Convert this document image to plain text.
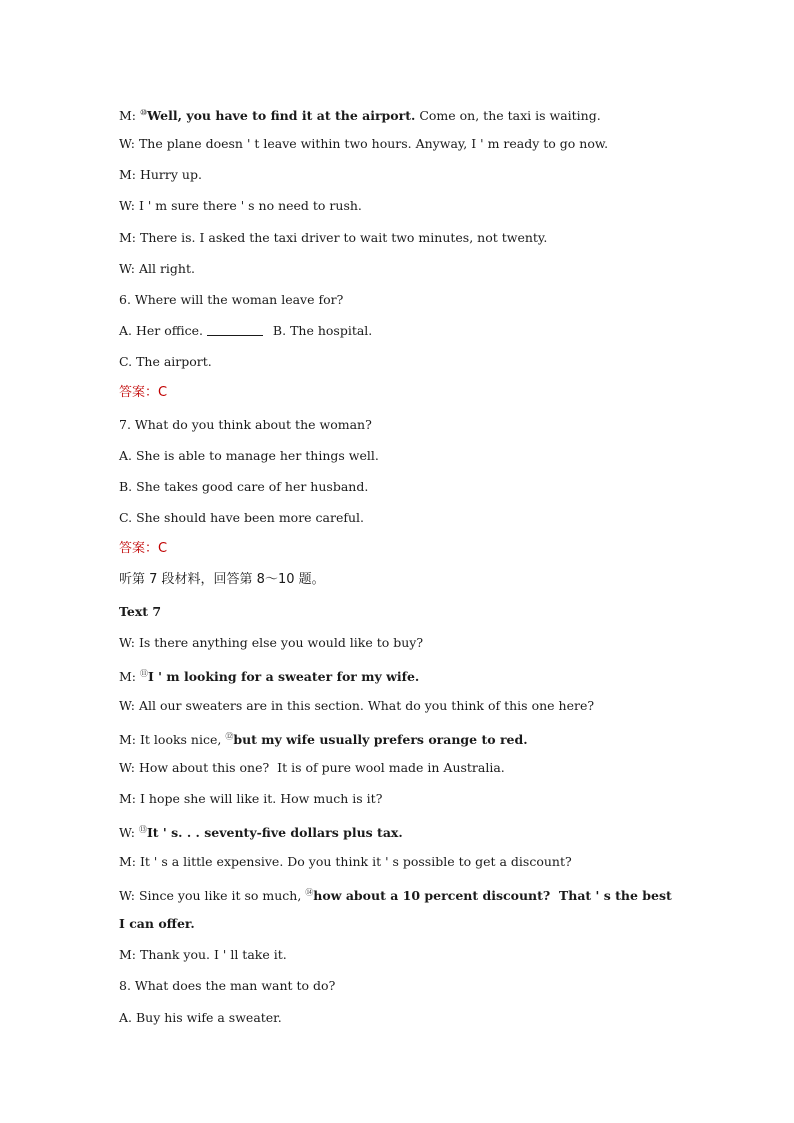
M: ⑩Well, you have to find it at the airport. Come on, the taxi is waiting.
W: The plane doesn ' t leave within two hours. Anyway, I ' m ready to go now.
M: Hurry up.
W: I ' m sure there ' s no need to rush.
M: There is. I asked the taxi driver to wait two minutes, not twenty.
W: All right.
6. Where will the woman leave for?
A. Her office.	B. The hospital.
C. The airport.
答案：C
7. What do you think about the woman?
A. She is able to manage her things well.
B. She takes good care of her husband.
C. She should have been more careful.
答案：C
听第 7 段材料，回答第 8～10 题。
Text 7
W: Is there anything else you would like to buy?
M: ⑪I ' m looking for a sweater for my wife.
W: All our sweaters are in this section. What do you think of this one here?
M: It looks nice, ⑫but my wife usually prefers orange to red.
W: How about this one?  It is of pure wool made in Australia.
M: I hope she will like it. How much is it?
W: ⑬It ' s. . . seventy-five dollars plus tax.
M: It ' s a little expensive. Do you think it ' s possible to get a discount?
W: Since you like it so much, ⑭how about a 10 percent discount?  That ' s the best
I can offer.
M: Thank you. I ' ll take it.
8. What does the man want to do?
A. Buy his wife a sweater.
